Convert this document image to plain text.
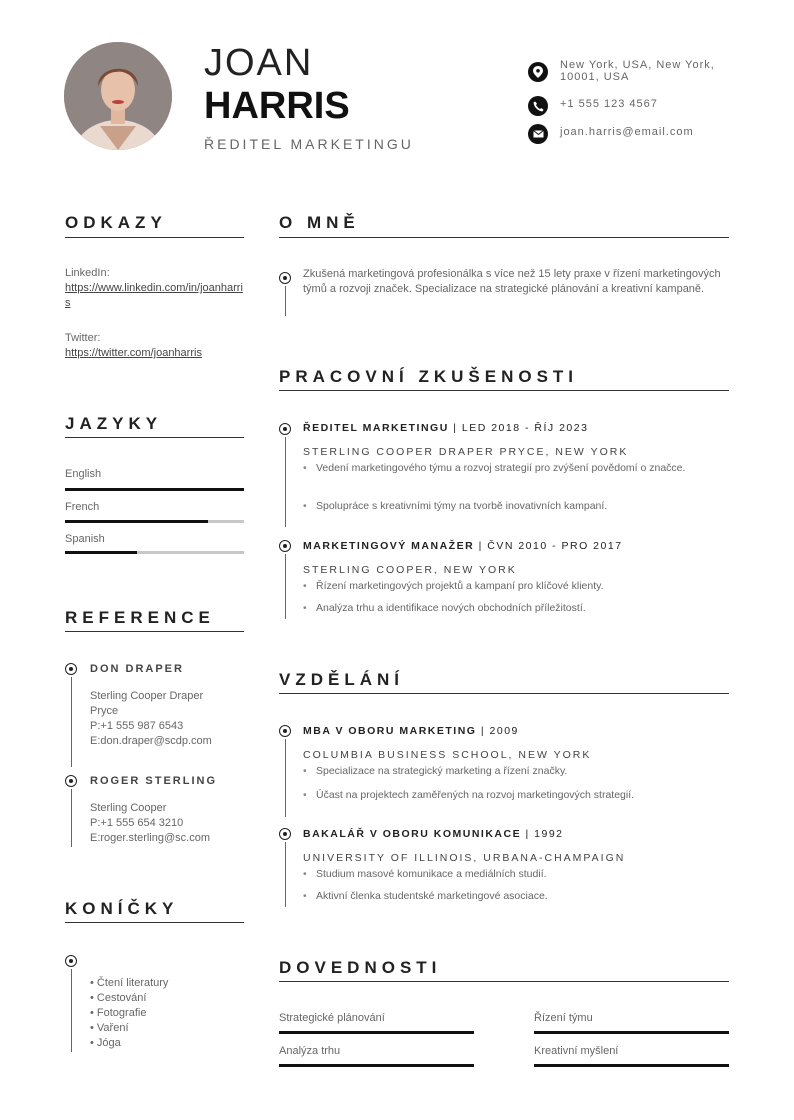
JOAN
HARRIS
ŘEDITEL MARKETINGU
New York, USA, New York, 10001, USA
+1 555 123 4567
joan.harris@email.com
ODKAZY
LinkedIn:
https://www.linkedin.com/in/joanharris
Twitter:
https://twitter.com/joanharris
JAZYKY
English
French
Spanish
REFERENCE
DON DRAPER
Sterling Cooper Draper Pryce
P:+1 555 987 6543
E:don.draper@scdp.com
ROGER STERLING
Sterling Cooper
P:+1 555 654 3210
E:roger.sterling@sc.com
KONÍČKY
• Čtení literatury
• Cestování
• Fotografie
• Vaření
• Jóga
O MNĚ
Zkušená marketingová profesionálka s více než 15 lety praxe v řízení marketingových týmů a rozvoji značek. Specializace na strategické plánování a kreativní kampaně.
PRACOVNÍ ZKUŠENOSTI
ŘEDITEL MARKETINGU | LED 2018 - ŘÍJ 2023
STERLING COOPER DRAPER PRYCE, NEW YORK
• Vedení marketingového týmu a rozvoj strategií pro zvýšení povědomí o značce.
• Spolupráce s kreativními týmy na tvorbě inovativních kampaní.
MARKETINGOVÝ MANAŽER | ČVN 2010 - PRO 2017
STERLING COOPER, NEW YORK
• Řízení marketingových projektů a kampaní pro klíčové klienty.
• Analýza trhu a identifikace nových obchodních příležitostí.
VZDĚLÁNÍ
MBA V OBORU MARKETING | 2009
COLUMBIA BUSINESS SCHOOL, NEW YORK
• Specializace na strategický marketing a řízení značky.
• Účast na projektech zaměřených na rozvoj marketingových strategií.
BAKALÁŘ V OBORU KOMUNIKACE | 1992
UNIVERSITY OF ILLINOIS, URBANA-CHAMPAIGN
• Studium masové komunikace a mediálních studií.
• Aktivní členka studentské marketingové asociace.
DOVEDNOSTI
Strategické plánování	Řízení týmu
Analýza trhu	Kreativní myšlení
